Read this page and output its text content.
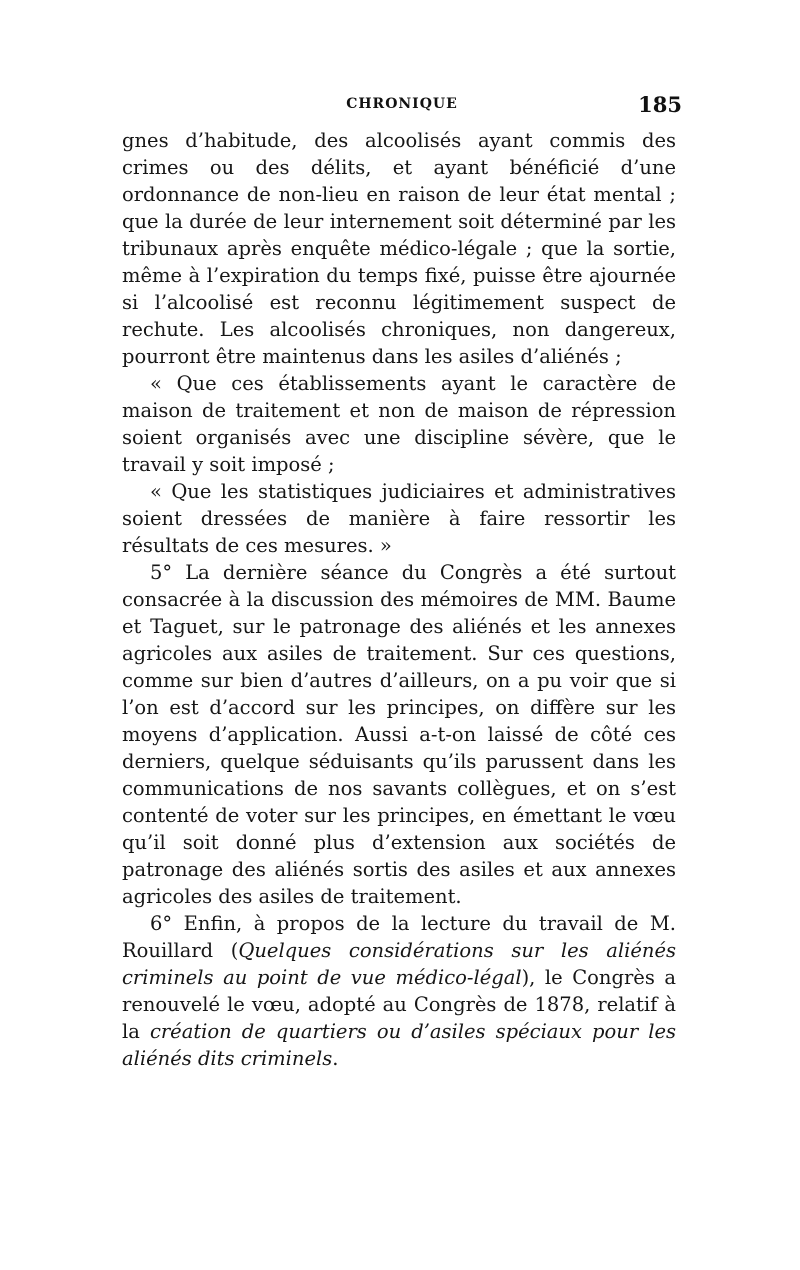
CHRONIQUE	185

gnes d’habitude, des alcoolisés ayant commis des crimes ou des délits, et ayant bénéficié d’une ordonnance de non-lieu en raison de leur état mental ; que la durée de leur internement soit déterminé par les tribunaux après enquête médico-légale ; que la sortie, même à l’expiration du temps fixé, puisse être ajournée si l’alcoolisé est reconnu légitimement suspect de rechute. Les alcoolisés chroniques, non dangereux, pourront être maintenus dans les asiles d’aliénés ;

« Que ces établissements ayant le caractère de maison de traitement et non de maison de répression soient organisés avec une discipline sévère, que le travail y soit imposé ;

« Que les statistiques judiciaires et administratives soient dressées de manière à faire ressortir les résultats de ces mesures. »

5° La dernière séance du Congrès a été surtout consacrée à la discussion des mémoires de MM. Baume et Taguet, sur le patronage des aliénés et les annexes agricoles aux asiles de traitement. Sur ces questions, comme sur bien d’autres d’ailleurs, on a pu voir que si l’on est d’accord sur les principes, on diffère sur les moyens d’application. Aussi a-t-on laissé de côté ces derniers, quelque séduisants qu’ils parussent dans les communications de nos savants collègues, et on s’est contenté de voter sur les principes, en émettant le vœu qu’il soit donné plus d’extension aux sociétés de patronage des aliénés sortis des asiles et aux annexes agricoles des asiles de traitement.

6° Enfin, à propos de la lecture du travail de M. Rouillard (Quelques considérations sur les aliénés criminels au point de vue médico-légal), le Congrès a renouvelé le vœu, adopté au Congrès de 1878, relatif à la création de quartiers ou d’asiles spéciaux pour les aliénés dits criminels.
